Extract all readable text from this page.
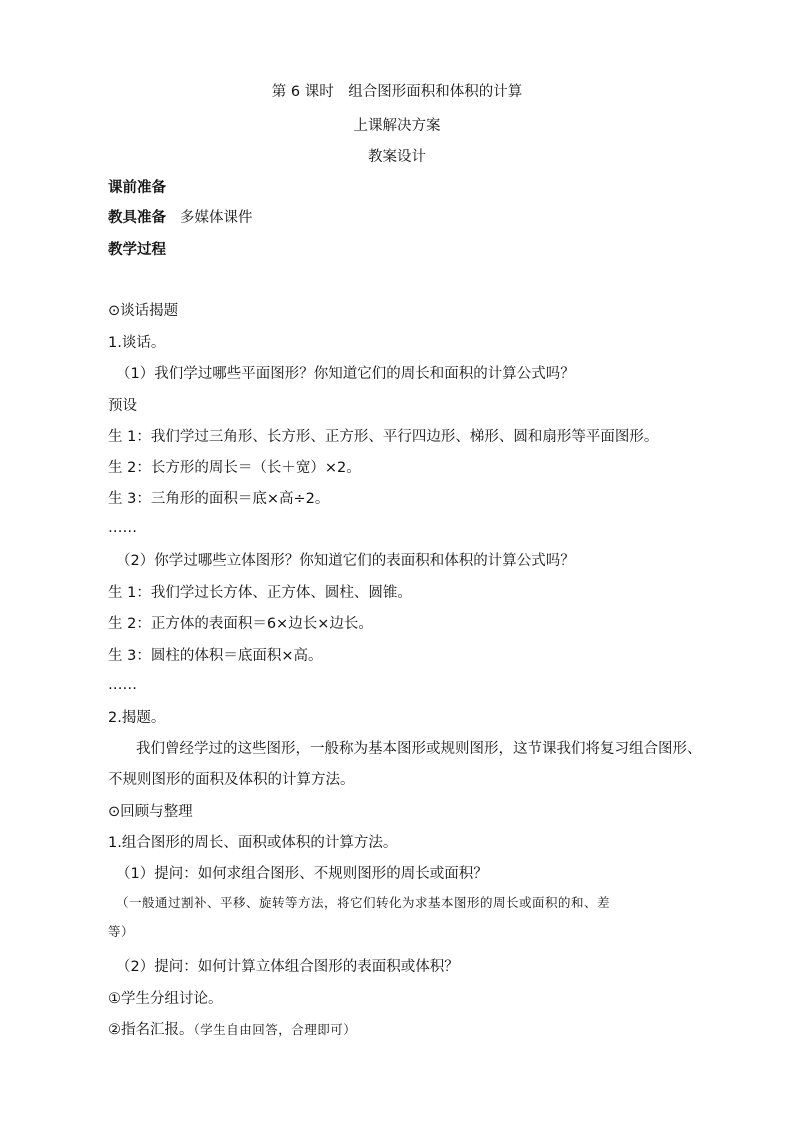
第 6 课时　组合图形面积和体积的计算
上课解决方案
教案设计
课前准备
教具准备 多媒体课件
教学过程
⊙谈话揭题
1.谈话。
（1）我们学过哪些平面图形？你知道它们的周长和面积的计算公式吗？
预设
生 1：我们学过三角形、长方形、正方形、平行四边形、梯形、圆和扇形等平面图形。
生 2：长方形的周长＝（长＋宽）×2。
生 3：三角形的面积＝底×高÷2。
……
（2）你学过哪些立体图形？你知道它们的表面积和体积的计算公式吗？
生 1：我们学过长方体、正方体、圆柱、圆锥。
生 2：正方体的表面积＝6×边长×边长。
生 3：圆柱的体积＝底面积×高。
……
2.揭题。
我们曾经学过的这些图形，一般称为基本图形或规则图形，这节课我们将复习组合图形、
不规则图形的面积及体积的计算方法。
⊙回顾与整理
1.组合图形的周长、面积或体积的计算方法。
（1）提问：如何求组合图形、不规则图形的周长或面积？
（一般通过割补、平移、旋转等方法，将它们转化为求基本图形的周长或面积的和、差
等）
（2）提问：如何计算立体组合图形的表面积或体积？
①学生分组讨论。
②指名汇报。（学生自由回答，合理即可）
